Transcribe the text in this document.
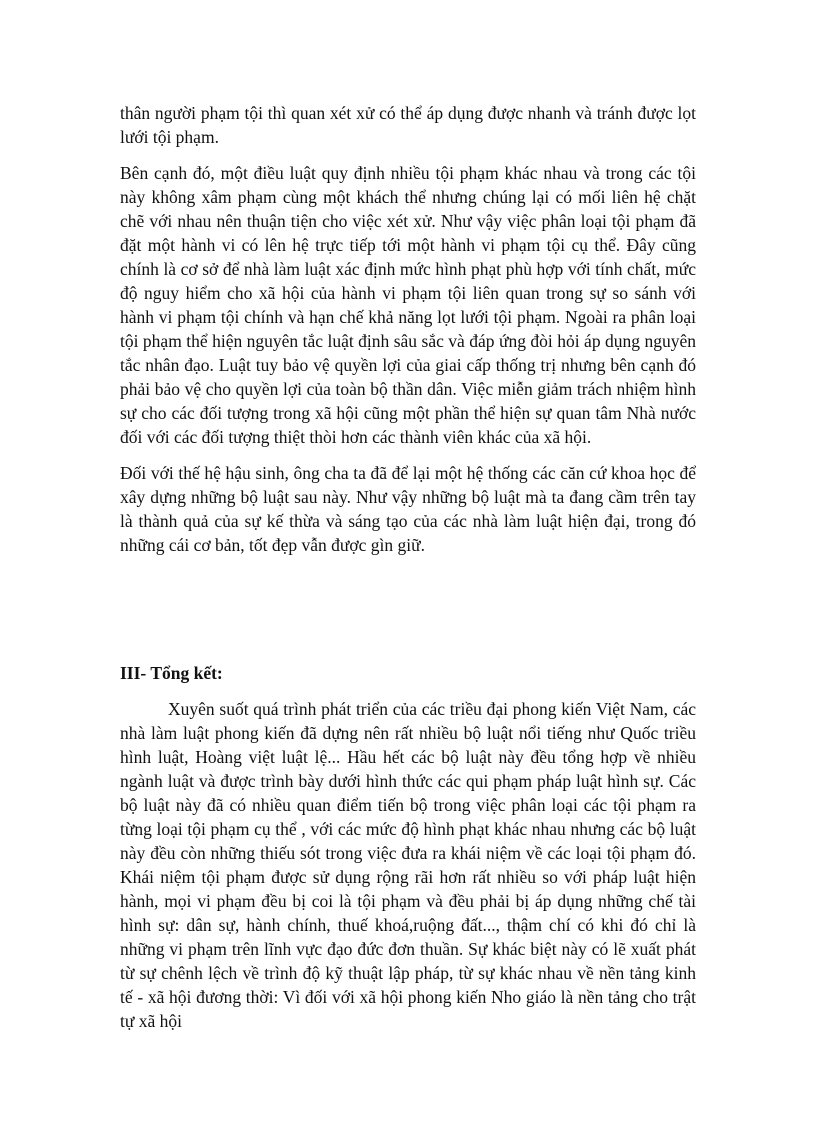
thân người phạm tội thì quan xét xử có thể áp dụng được nhanh và tránh được lọt lưới tội phạm.

Bên cạnh đó, một điều luật quy định nhiều tội phạm khác nhau và trong các tội này không xâm phạm cùng một khách thể nhưng chúng lại có mối liên hệ chặt chẽ với nhau nên thuận tiện cho việc xét xử. Như vậy việc phân loại tội phạm đã đặt một hành vi có lên hệ trực tiếp tới một hành vi phạm tội cụ thể. Đây cũng chính là cơ sở để nhà làm luật xác định mức hình phạt phù hợp với tính chất, mức độ nguy hiểm cho xã hội của hành vi phạm tội liên quan trong sự so sánh với hành vi phạm tội chính và hạn chế khả năng lọt lưới tội phạm. Ngoài ra phân loại tội phạm thể hiện nguyên tắc luật định sâu sắc và đáp ứng đòi hỏi áp dụng nguyên tắc nhân đạo. Luật tuy bảo vệ quyền lợi của giai cấp thống trị nhưng bên cạnh đó phải bảo vệ cho quyền lợi của toàn bộ thần dân. Việc miễn giảm trách nhiệm hình sự cho các đối tượng trong xã hội cũng một phần thể hiện sự quan tâm Nhà nước đối với các đối tượng thiệt thòi hơn các thành viên khác của xã hội.

Đối với thế hệ hậu sinh, ông cha ta đã để lại một hệ thống các căn cứ khoa học để xây dựng những bộ luật sau này. Như vậy những bộ luật mà ta đang cầm trên tay là thành quả của sự kế thừa và sáng tạo của các nhà làm luật hiện đại, trong đó những cái cơ bản, tốt đẹp vẫn được gìn giữ.

III- Tổng kết:

Xuyên suốt quá trình phát triển của các triều đại phong kiến Việt Nam, các nhà làm luật phong kiến đã dựng nên rất nhiều bộ luật nổi tiếng như Quốc triều hình luật, Hoàng việt luật lệ... Hầu hết các bộ luật này đều tổng hợp về nhiều ngành luật và được trình bày dưới hình thức các qui phạm pháp luật hình sự. Các bộ luật này đã có nhiều quan điểm tiến bộ trong việc phân loại các tội phạm ra từng loại tội phạm cụ thể , với các mức độ hình phạt khác nhau nhưng các bộ luật này đều còn những thiếu sót trong việc đưa ra khái niệm về các loại tội phạm đó. Khái niệm tội phạm được sử dụng rộng rãi hơn rất nhiều so với pháp luật hiện hành, mọi vi phạm đều bị coi là tội phạm và đều phải bị áp dụng những chế tài hình sự: dân sự, hành chính, thuế khoá,ruộng đất..., thậm chí có khi đó chỉ là những vi phạm trên lĩnh vực đạo đức đơn thuần. Sự khác biệt này có lẽ xuất phát từ sự chênh lệch về trình độ kỹ thuật lập pháp, từ sự khác nhau về nền tảng kinh tế - xã hội đương thời: Vì đối với xã hội phong kiến Nho giáo là nền tảng cho trật tự xã hội
